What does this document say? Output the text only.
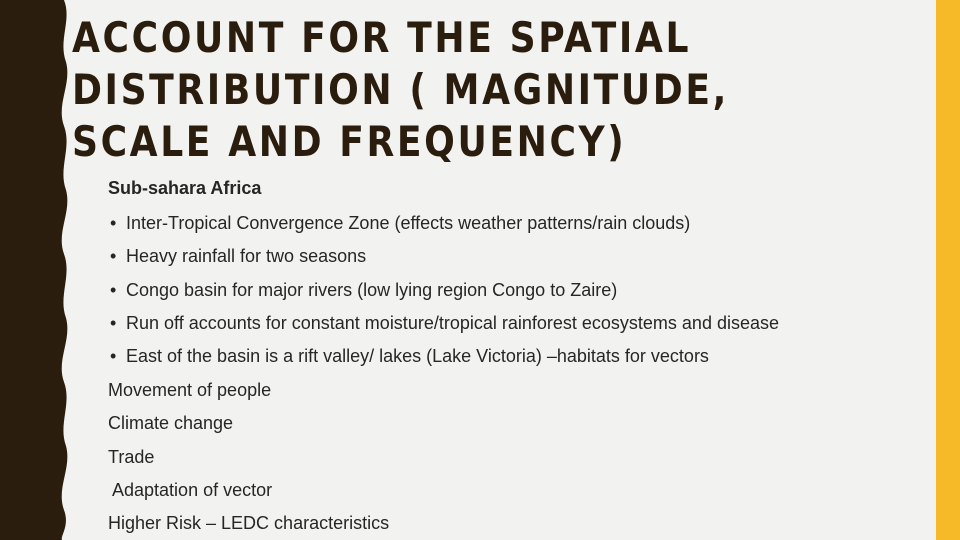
ACCOUNT FOR THE SPATIAL DISTRIBUTION ( MAGNITUDE, SCALE AND FREQUENCY)
Sub-sahara Africa
• Inter-Tropical Convergence Zone (effects weather patterns/rain clouds)
• Heavy rainfall for two seasons
• Congo basin for major rivers (low lying region Congo to Zaire)
• Run off accounts for constant moisture/tropical rainforest ecosystems and disease
• East of the basin is a rift valley/ lakes (Lake Victoria) –habitats for vectors
Movement of people
Climate change
Trade
Adaptation of vector
Higher Risk – LEDC characteristics
